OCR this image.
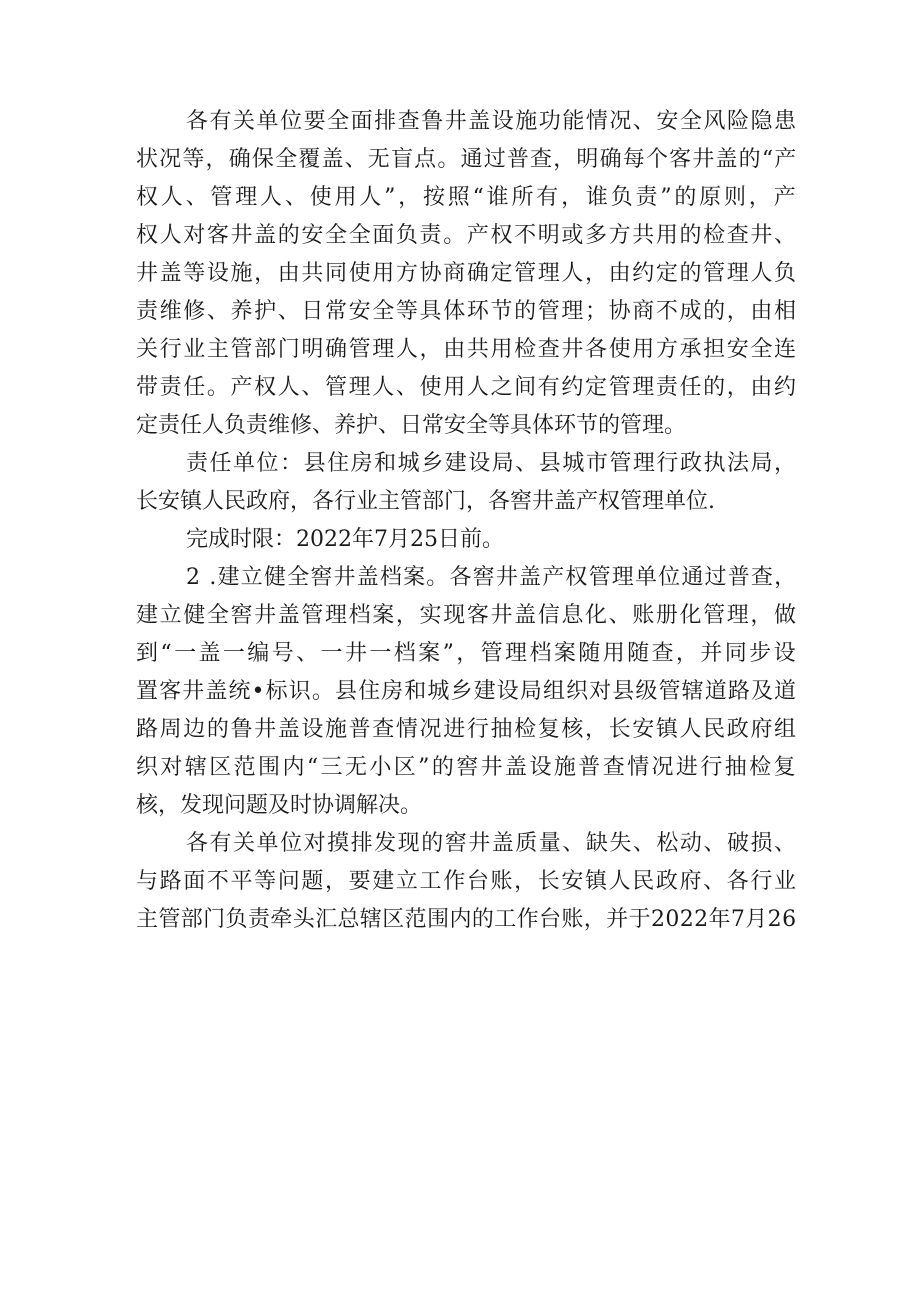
各有关单位要全面排查鲁井盖设施功能情况、安全风险隐患
状况等，确保全覆盖、无盲点。通过普查，明确每个客井盖的“产
权人、管理人、使用人”，按照“谁所有，谁负责”的原则，产
权人对客井盖的安全全面负责。产权不明或多方共用的检查井、
井盖等设施，由共同使用方协商确定管理人，由约定的管理人负
责维修、养护、日常安全等具体环节的管理；协商不成的，由相
关行业主管部门明确管理人，由共用检查井各使用方承担安全连
带责任。产权人、管理人、使用人之间有约定管理责任的，由约
定责任人负责维修、养护、日常安全等具体环节的管理。
责任单位：县住房和城乡建设局、县城市管理行政执法局，
长安镇人民政府，各行业主管部门，各窖井盖产权管理单位.
完成时限：2022年7月25日前。
2 .建立健全窖井盖档案。各窖井盖产权管理单位通过普查，
建立健全窖井盖管理档案，实现客井盖信息化、账册化管理，做
到“一盖一编号、一井一档案”，管理档案随用随查，并同步设
置客井盖统•标识。县住房和城乡建设局组织对县级管辖道路及道
路周边的鲁井盖设施普查情况进行抽检复核，长安镇人民政府组
织对辖区范围内“三无小区”的窖井盖设施普查情况进行抽检复
核，发现问题及时协调解决。
各有关单位对摸排发现的窖井盖质量、缺失、松动、破损、
与路面不平等问题，要建立工作台账，长安镇人民政府、各行业
主管部门负责牵头汇总辖区范围内的工作台账，并于2022年7月26
